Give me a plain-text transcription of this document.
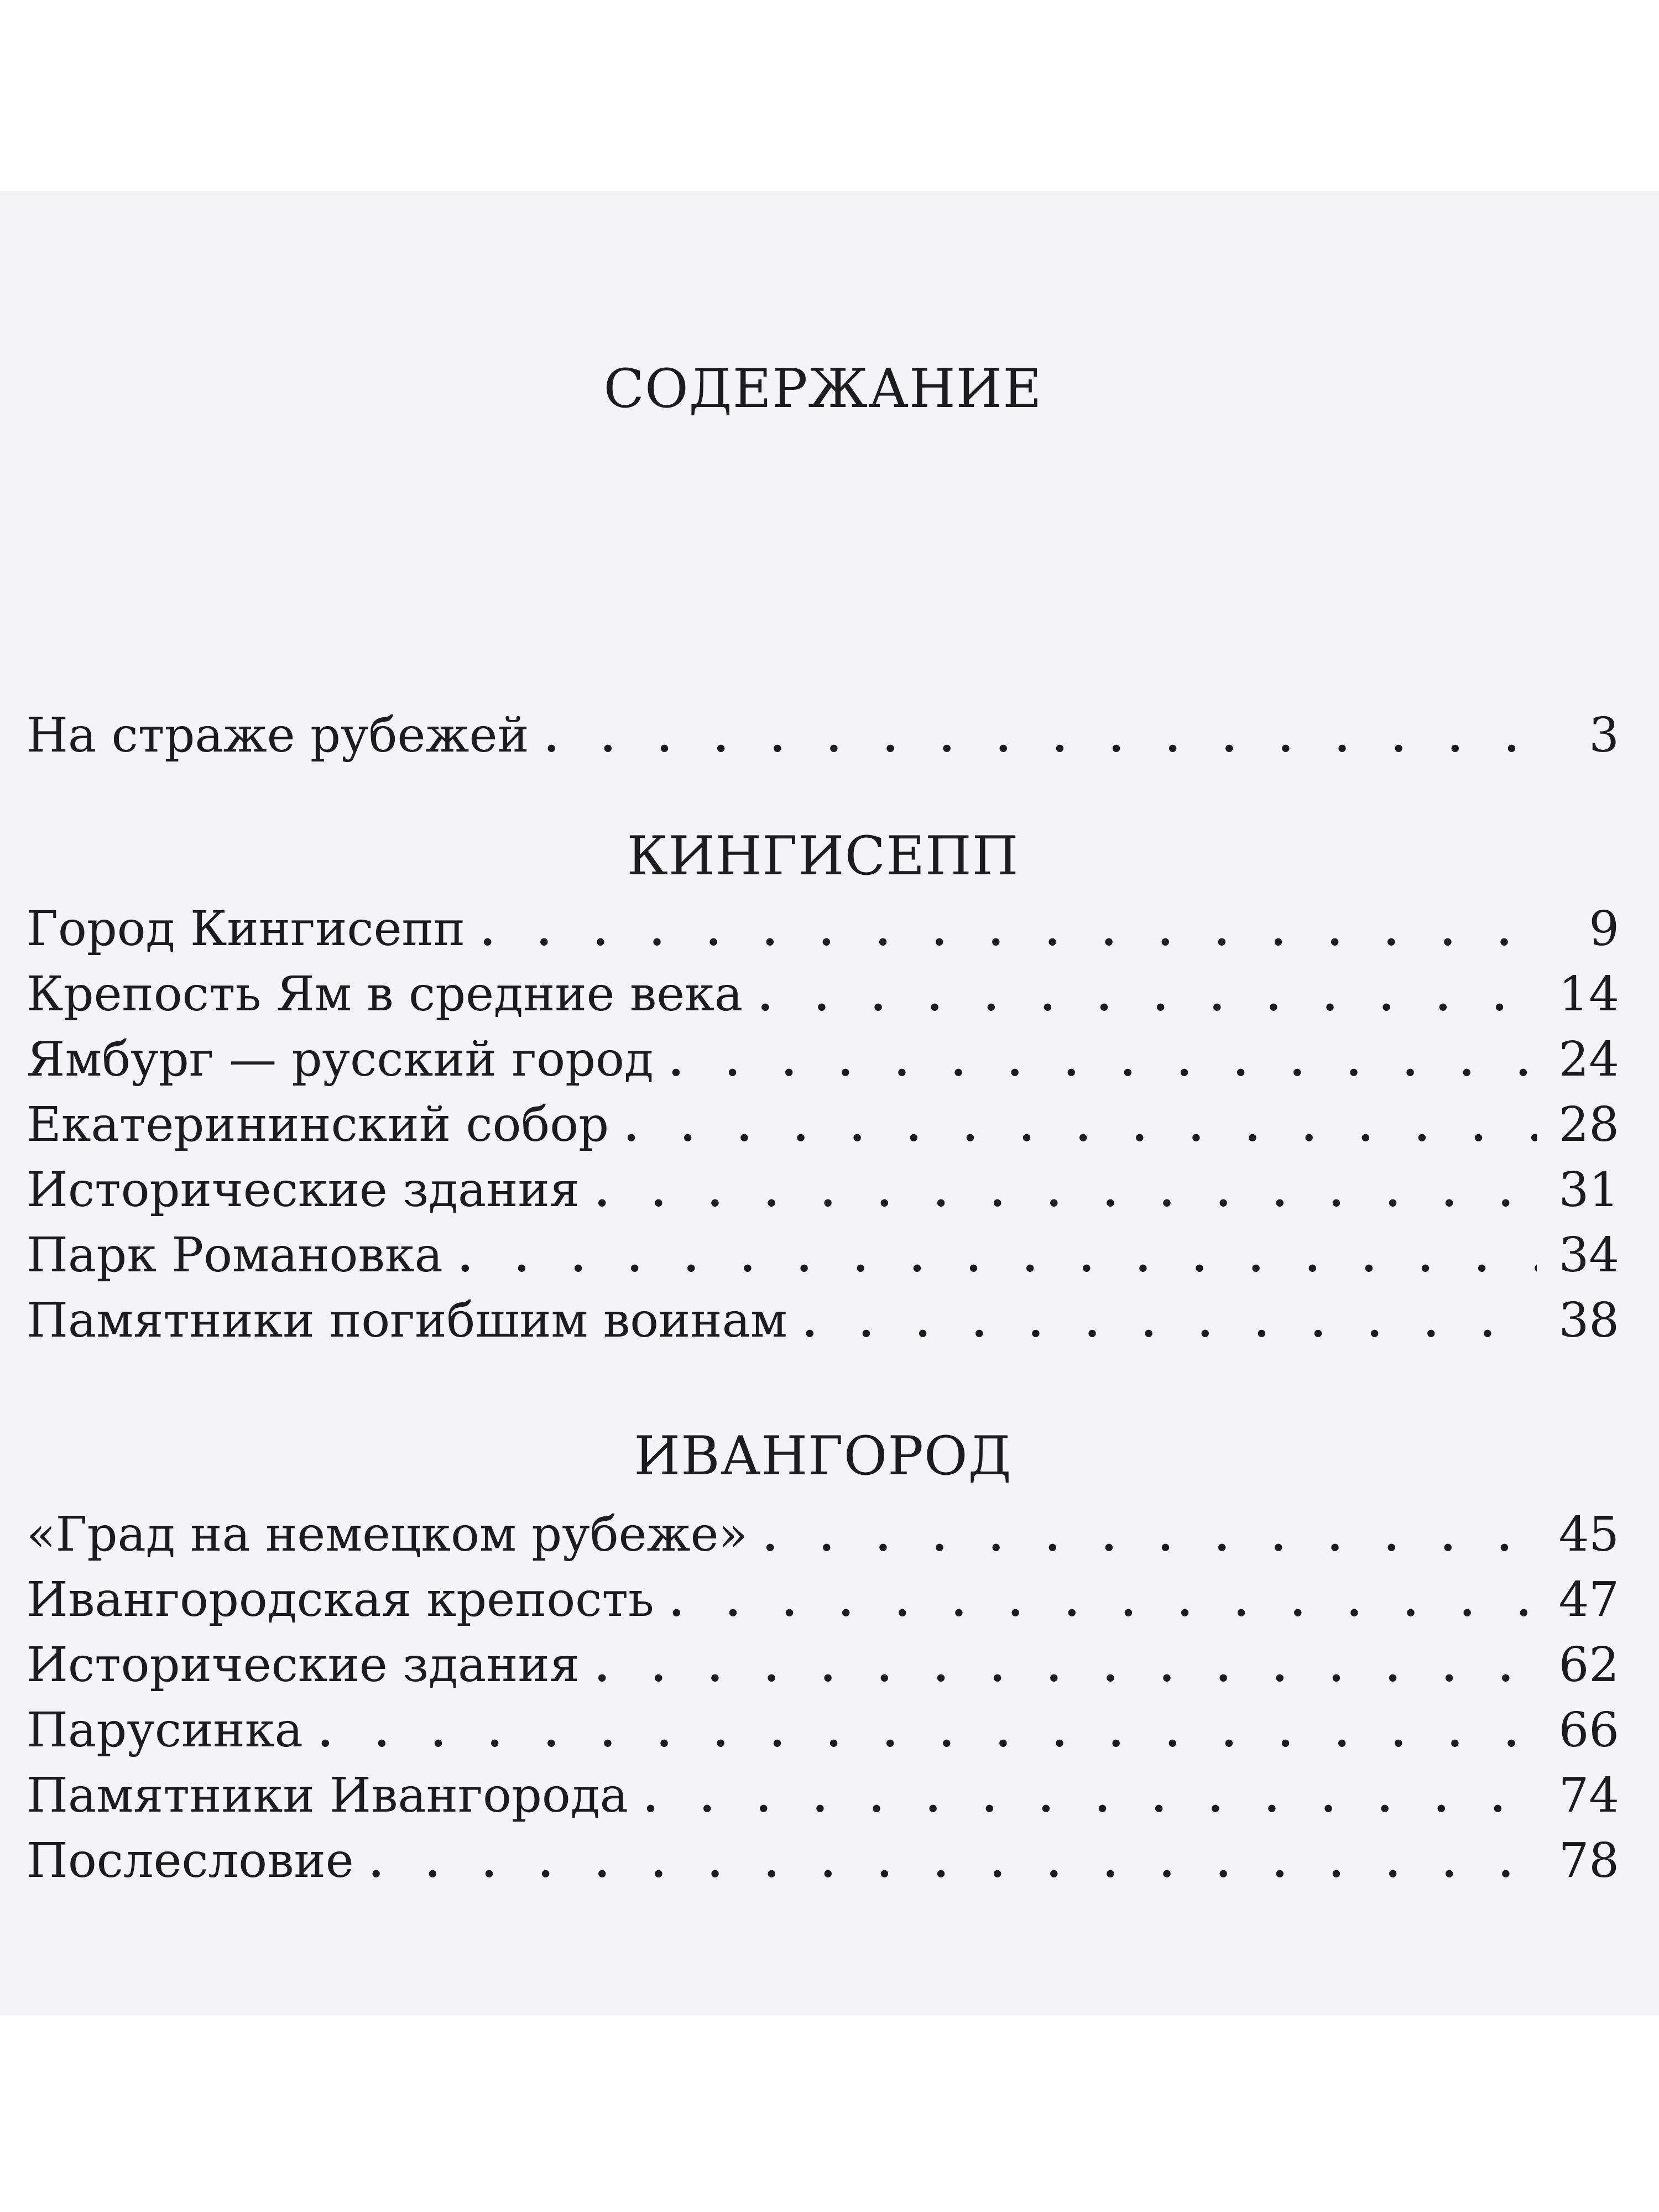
СОДЕРЖАНИЕ
На страже рубежей . . .	3
КИНГИСЕПП
Город Кингисепп . . .	9
Крепость Ям в средние века . . .	14
Ямбург — русский город . . .	24
Екатерининский собор . . .	28
Исторические здания . . .	31
Парк Романовка . . .	34
Памятники погибшим воинам . . .	38
ИВАНГОРОД
«Град на немецком рубеже» . . .	45
Ивангородская крепость . . .	47
Исторические здания . . .	62
Парусинка . . .	66
Памятники Ивангорода . . .	74
Послесловие . . .	78
